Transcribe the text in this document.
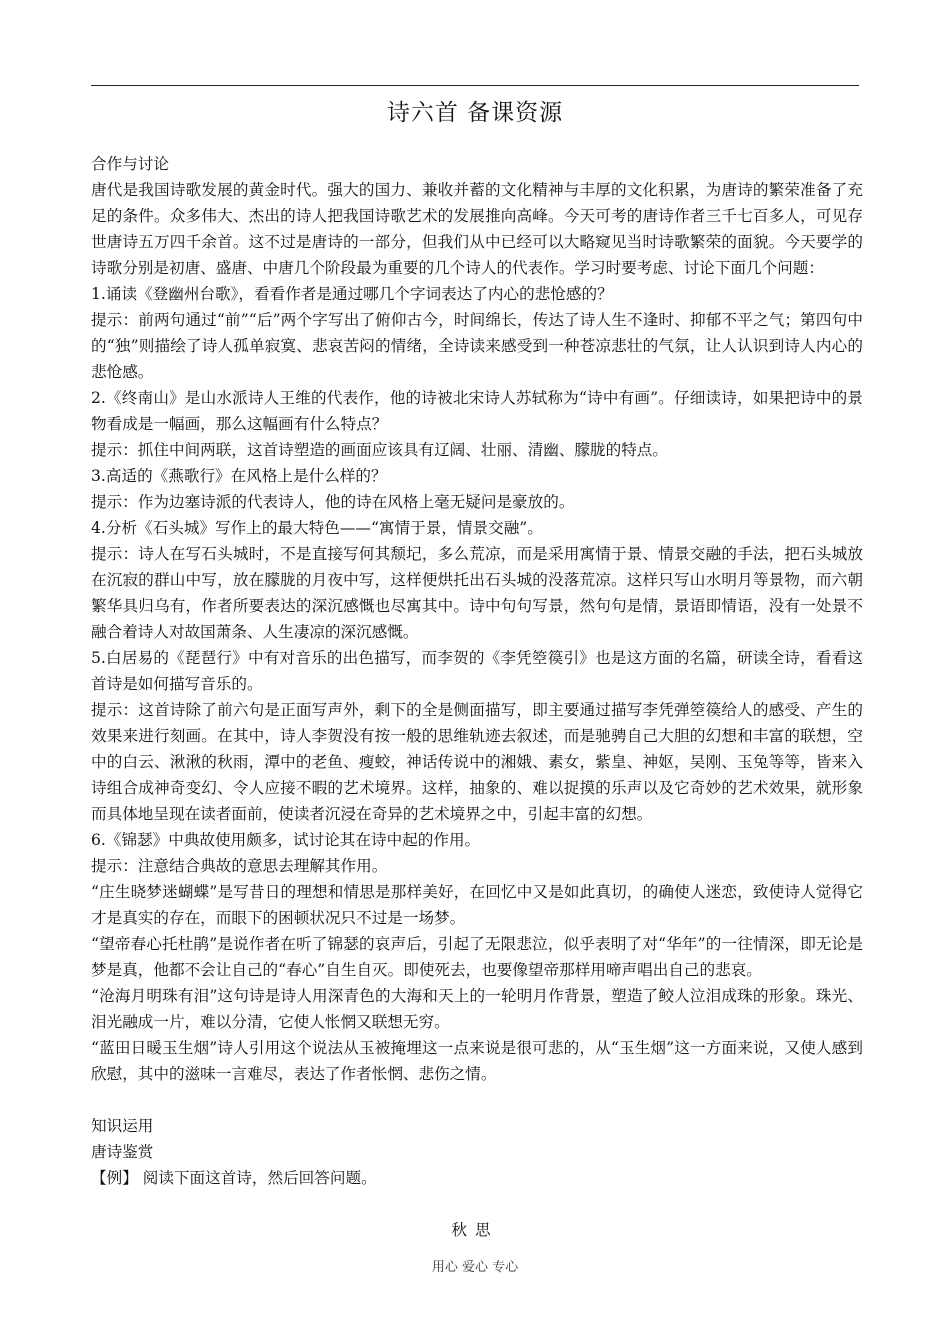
诗六首 备课资源

合作与讨论

唐代是我国诗歌发展的黄金时代。强大的国力、兼收并蓄的文化精神与丰厚的文化积累，为唐诗的繁荣准备了充足的条件。众多伟大、杰出的诗人把我国诗歌艺术的发展推向高峰。今天可考的唐诗作者三千七百多人，可见存世唐诗五万四千余首。这不过是唐诗的一部分，但我们从中已经可以大略窥见当时诗歌繁荣的面貌。今天要学的诗歌分别是初唐、盛唐、中唐几个阶段最为重要的几个诗人的代表作。学习时要考虑、讨论下面几个问题：

1.诵读《登幽州台歌》，看看作者是通过哪几个字词表达了内心的悲怆感的？

提示：前两句通过“前”“后”两个字写出了俯仰古今，时间绵长，传达了诗人生不逢时、抑郁不平之气；第四句中的“独”则描绘了诗人孤单寂寞、悲哀苦闷的情绪，全诗读来感受到一种苍凉悲壮的气氛，让人认识到诗人内心的悲怆感。

2.《终南山》是山水派诗人王维的代表作，他的诗被北宋诗人苏轼称为“诗中有画”。仔细读诗，如果把诗中的景物看成是一幅画，那么这幅画有什么特点？

提示：抓住中间两联，这首诗塑造的画面应该具有辽阔、壮丽、清幽、朦胧的特点。

3.高适的《燕歌行》在风格上是什么样的？

提示：作为边塞诗派的代表诗人，他的诗在风格上毫无疑问是豪放的。

4.分析《石头城》写作上的最大特色——“寓情于景，情景交融”。

提示：诗人在写石头城时，不是直接写何其颓圮，多么荒凉，而是采用寓情于景、情景交融的手法，把石头城放在沉寂的群山中写，放在朦胧的月夜中写，这样便烘托出石头城的没落荒凉。这样只写山水明月等景物，而六朝繁华具归乌有，作者所要表达的深沉感慨也尽寓其中。诗中句句写景，然句句是情，景语即情语，没有一处景不融合着诗人对故国萧条、人生凄凉的深沉感慨。

5.白居易的《琵琶行》中有对音乐的出色描写，而李贺的《李凭箜篌引》也是这方面的名篇，研读全诗，看看这首诗是如何描写音乐的。

提示：这首诗除了前六句是正面写声外，剩下的全是侧面描写，即主要通过描写李凭弹箜篌给人的感受、产生的效果来进行刻画。在其中，诗人李贺没有按一般的思维轨迹去叙述，而是驰骋自己大胆的幻想和丰富的联想，空中的白云、湫湫的秋雨，潭中的老鱼、瘦蛟，神话传说中的湘娥、素女，紫皇、神妪，吴刚、玉兔等等，皆来入诗组合成神奇变幻、令人应接不暇的艺术境界。这样，抽象的、难以捉摸的乐声以及它奇妙的艺术效果，就形象而具体地呈现在读者面前，使读者沉浸在奇异的艺术境界之中，引起丰富的幻想。

6.《锦瑟》中典故使用颇多，试讨论其在诗中起的作用。

提示：注意结合典故的意思去理解其作用。

“庄生晓梦迷蝴蝶”是写昔日的理想和情思是那样美好，在回忆中又是如此真切，的确使人迷恋，致使诗人觉得它才是真实的存在，而眼下的困顿状况只不过是一场梦。

“望帝春心托杜鹃”是说作者在听了锦瑟的哀声后，引起了无限悲泣，似乎表明了对“华年”的一往情深，即无论是梦是真，他都不会让自己的“春心”自生自灭。即使死去，也要像望帝那样用啼声唱出自己的悲哀。

“沧海月明珠有泪”这句诗是诗人用深青色的大海和天上的一轮明月作背景，塑造了鲛人泣泪成珠的形象。珠光、泪光融成一片，难以分清，它使人怅惘又联想无穷。

“蓝田日暖玉生烟”诗人引用这个说法从玉被掩埋这一点来说是很可悲的，从“玉生烟”这一方面来说，又使人感到欣慰，其中的滋味一言难尽，表达了作者怅惘、悲伤之情。

知识运用

唐诗鉴赏

【例】 阅读下面这首诗，然后回答问题。

秋思
用心 爱心 专心
